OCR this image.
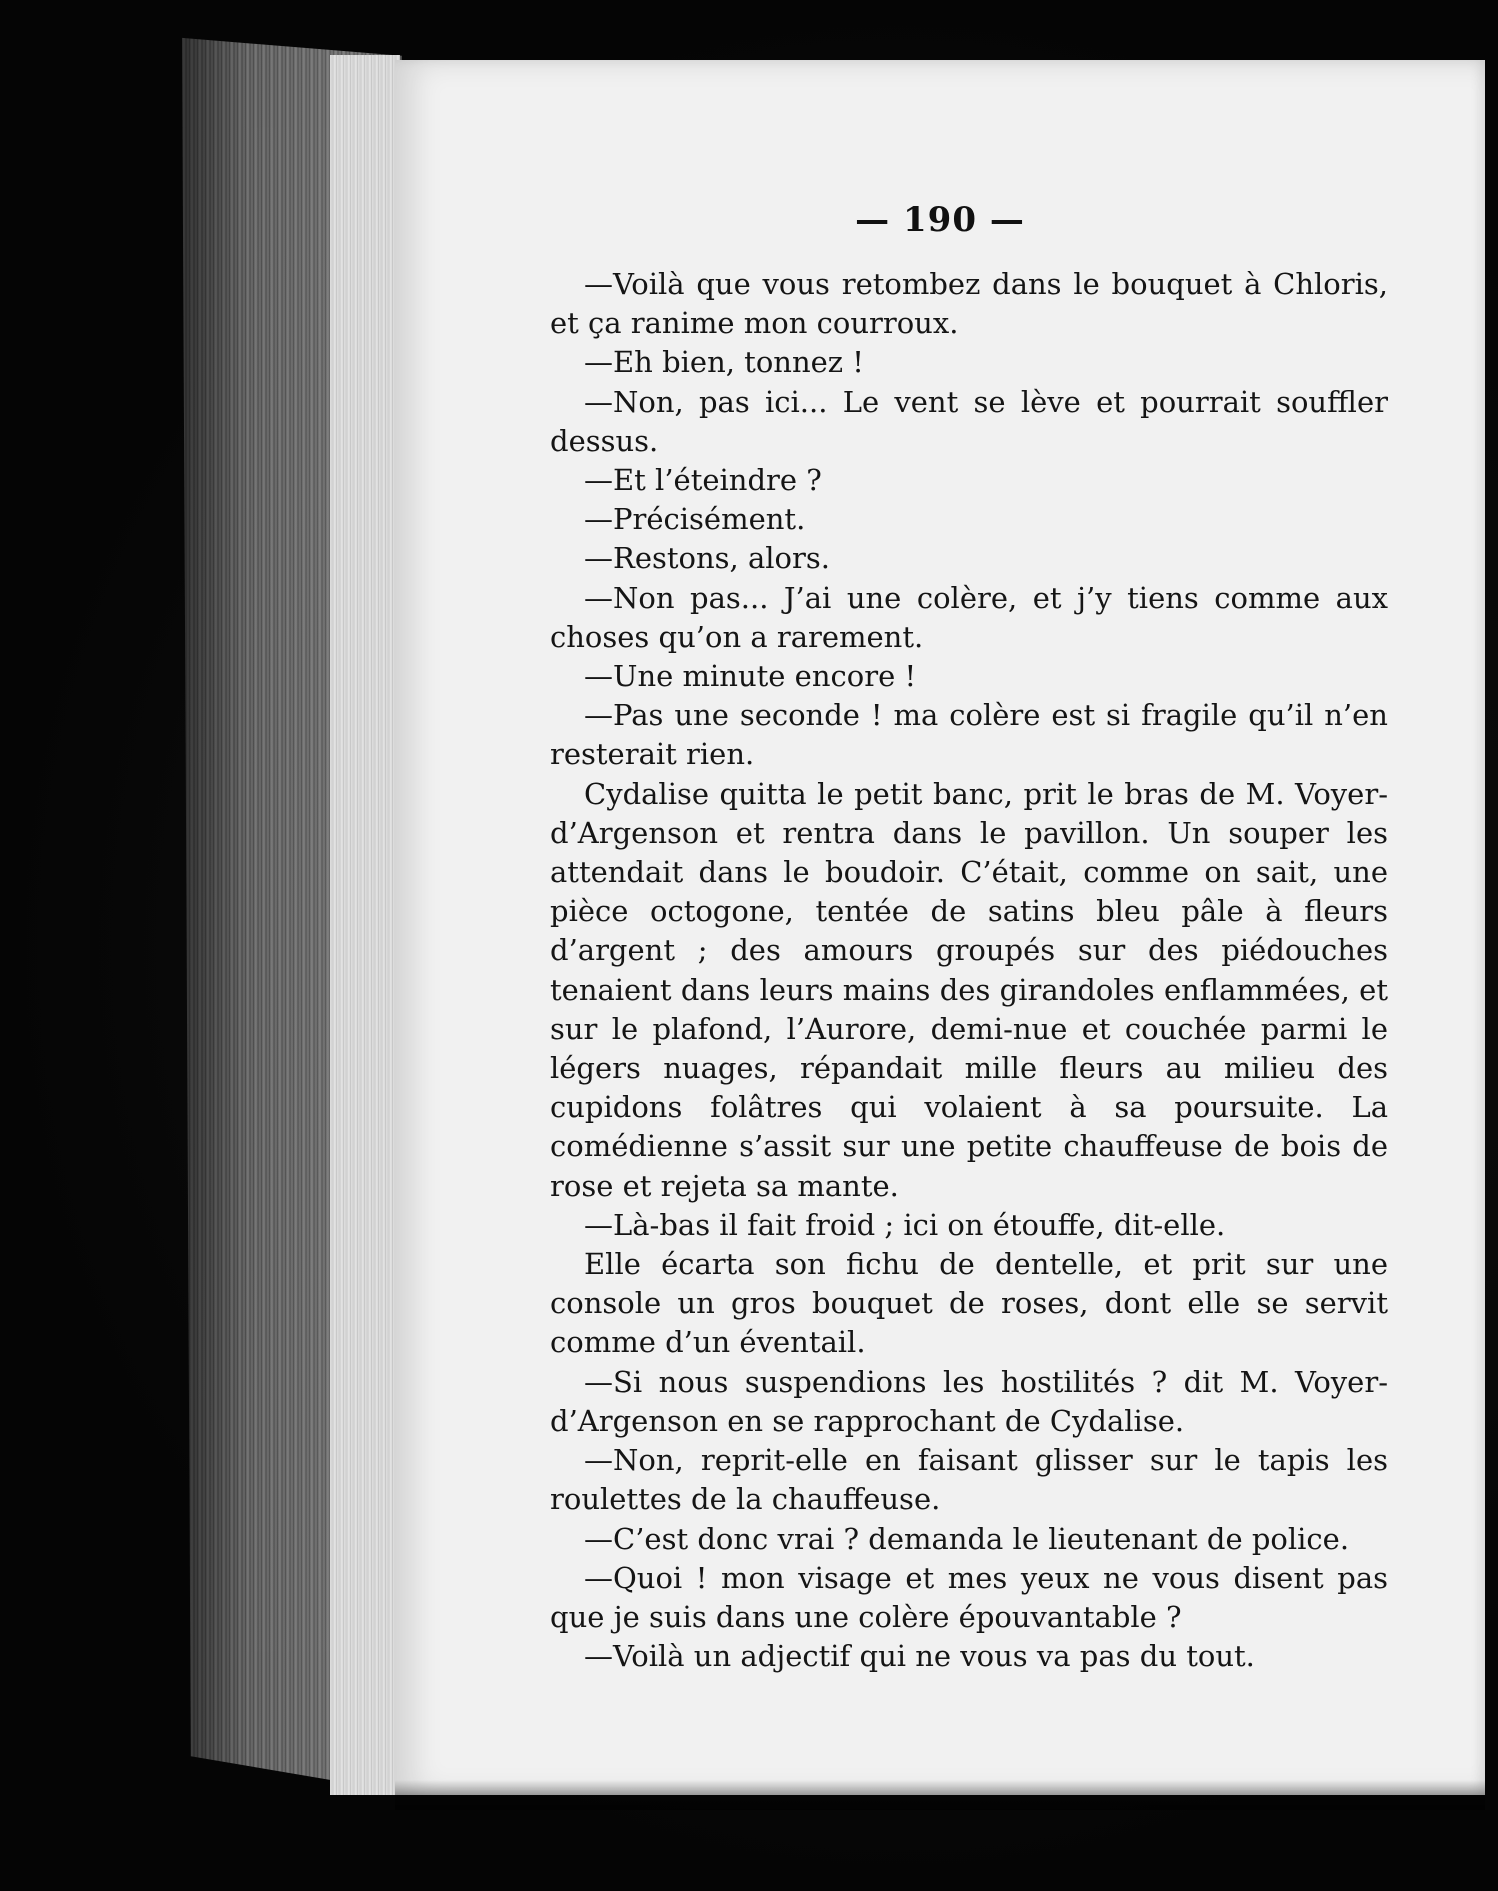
— 190 —

—Voilà que vous retombez dans le bouquet à Chloris, et ça ranime mon courroux.

—Eh bien, tonnez !

—Non, pas ici... Le vent se lève et pourrait souffler dessus.

—Et l’éteindre ?

—Précisément.

—Restons, alors.

—Non pas... J’ai une colère, et j’y tiens comme aux choses qu’on a rarement.

—Une minute encore !

—Pas une seconde ! ma colère est si fragile qu’il n’en resterait rien.

Cydalise quitta le petit banc, prit le bras de M. Voyer-d’Argenson et rentra dans le pavillon. Un souper les attendait dans le boudoir. C’était, comme on sait, une pièce octogone, tentée de satins bleu pâle à fleurs d’argent ; des amours groupés sur des piédouches tenaient dans leurs mains des girandoles enflammées, et sur le plafond, l’Aurore, demi-nue et couchée parmi le légers nuages, répandait mille fleurs au milieu des cupidons folâtres qui volaient à sa poursuite. La comédienne s’assit sur une petite chauffeuse de bois de rose et rejeta sa mante.

—Là-bas il fait froid ; ici on étouffe, dit-elle.

Elle écarta son fichu de dentelle, et prit sur une console un gros bouquet de roses, dont elle se servit comme d’un éventail.

—Si nous suspendions les hostilités ? dit M. Voyer-d’Argenson en se rapprochant de Cydalise.

—Non, reprit-elle en faisant glisser sur le tapis les roulettes de la chauffeuse.

—C’est donc vrai ? demanda le lieutenant de police.

—Quoi ! mon visage et mes yeux ne vous disent pas que je suis dans une colère épouvantable ?

—Voilà un adjectif qui ne vous va pas du tout.
